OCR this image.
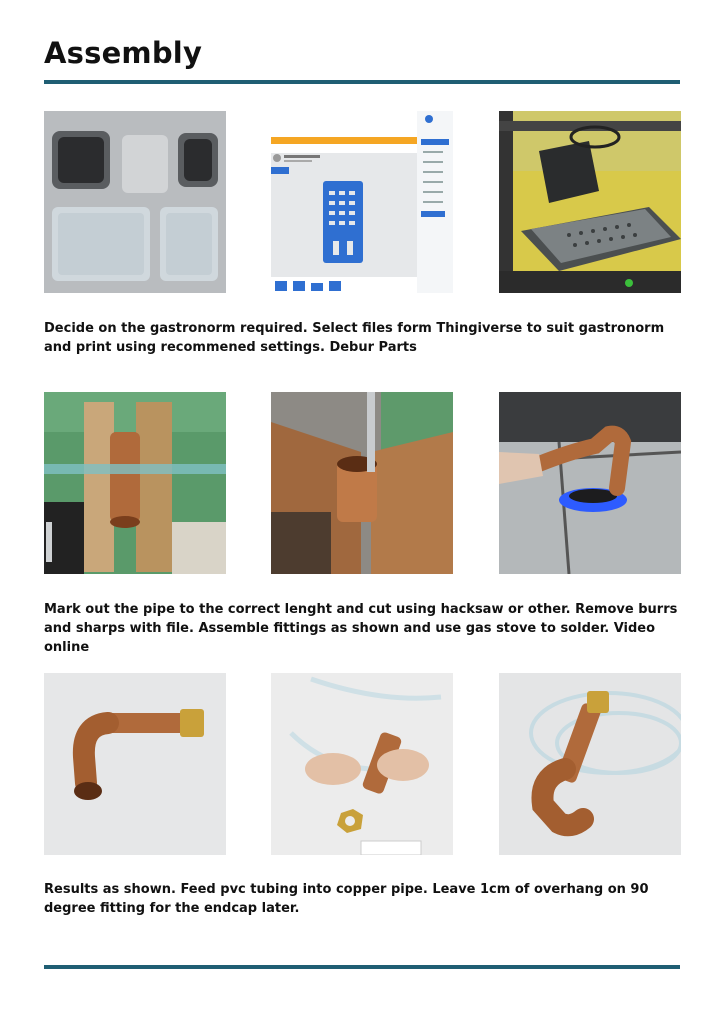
Assembly
Decide on the gastronorm required. Select files form Thingiverse to suit gastronorm and print using recommened settings. Debur Parts
Mark out the pipe to the correct lenght and cut using hacksaw or other. Remove burrs and sharps with file. Assemble fittings as shown and use gas stove to solder. Video online
Results as shown. Feed pvc tubing into copper pipe. Leave 1cm of overhang on 90 degree fitting for the endcap later.
